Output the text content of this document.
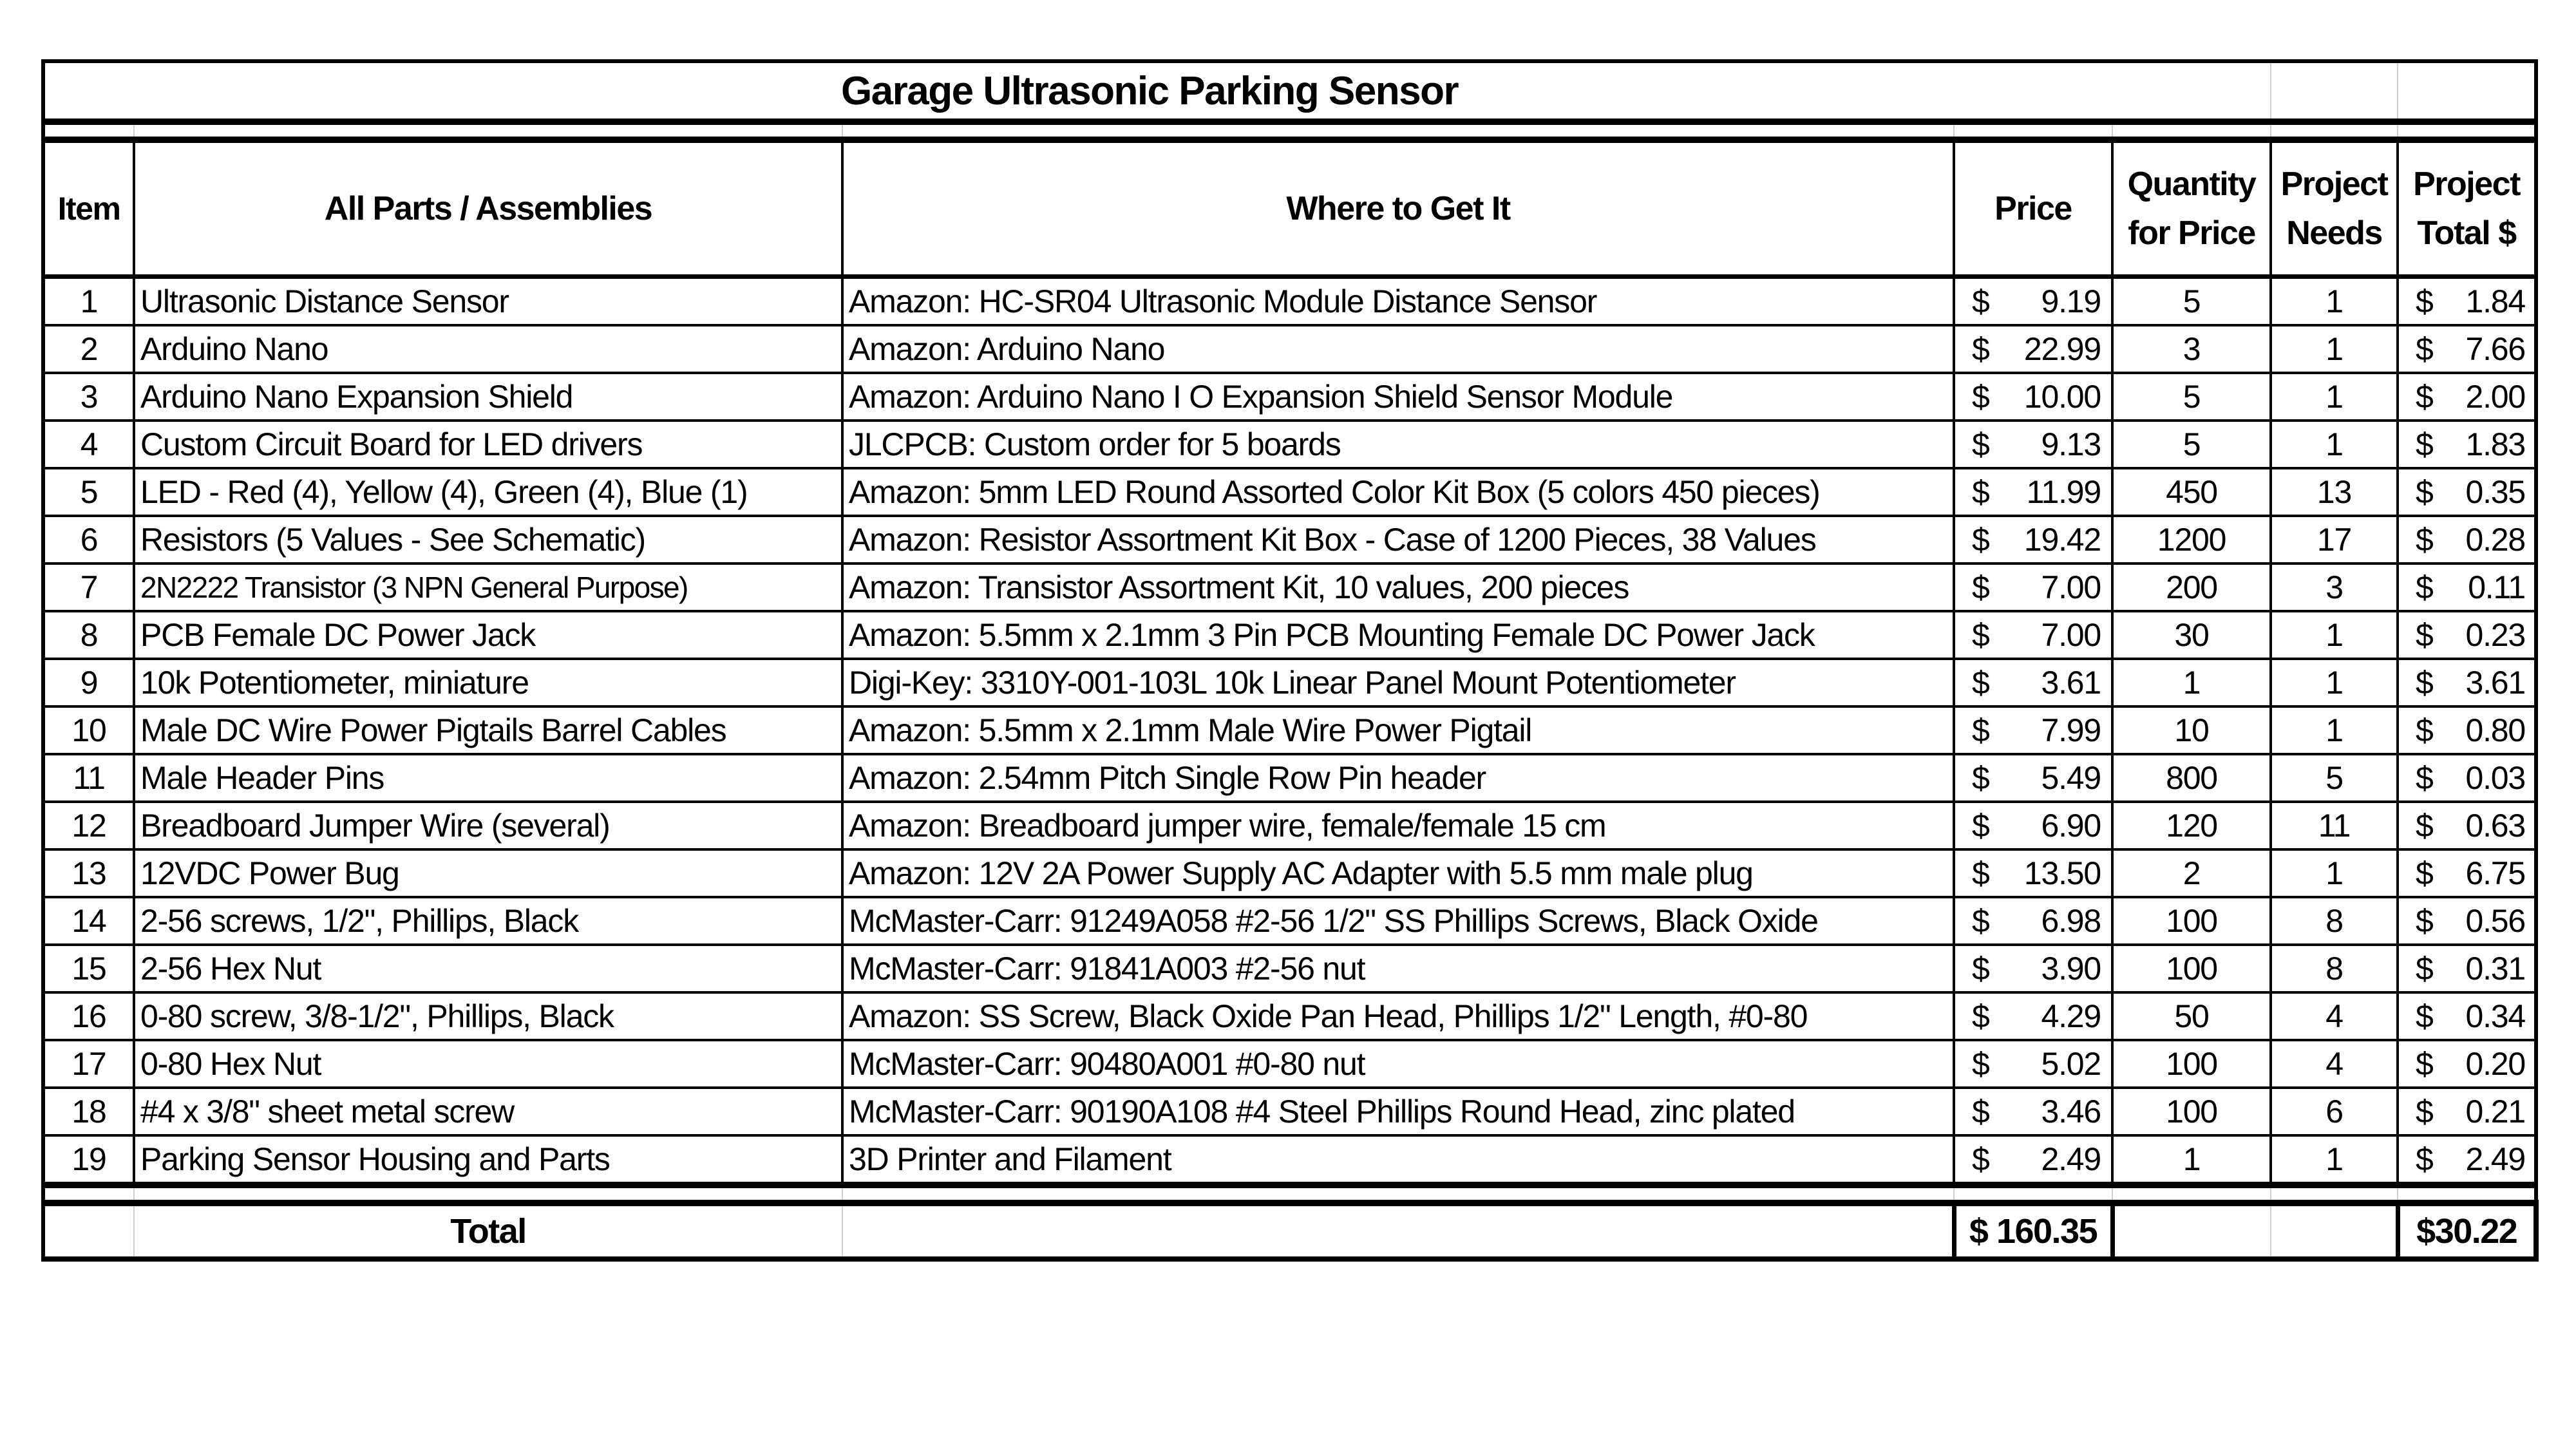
Garage Ultrasonic Parking Sensor						

Item	All Parts / Assemblies	Where to Get It	Price	Quantity for Price	Project Needs	Project Total $
1	Ultrasonic Distance Sensor	Amazon: HC-SR04 Ultrasonic Module Distance Sensor	$ 9.19	5	1	$ 1.84

2	Arduino Nano	Amazon: Arduino Nano	$ 22.99	3	1	$ 7.66

3	Arduino Nano Expansion Shield	Amazon: Arduino Nano I O Expansion Shield Sensor Module	$ 10.00	5	1	$ 2.00

4	Custom Circuit Board for LED drivers	JLCPCB: Custom order for 5 boards	$ 9.13	5	1	$ 1.83

5	LED - Red (4), Yellow (4), Green (4), Blue (1)	Amazon: 5mm LED Round Assorted Color Kit Box (5 colors 450 pieces)	$ 11.99	450	13	$ 0.35

6	Resistors (5 Values - See Schematic)	Amazon: Resistor Assortment Kit Box - Case of 1200 Pieces, 38 Values	$ 19.42	1200	17	$ 0.28

7	2N2222 Transistor (3 NPN General Purpose)	Amazon: Transistor Assortment Kit, 10 values, 200 pieces	$ 7.00	200	3	$ 0.11

8	PCB Female DC Power Jack	Amazon: 5.5mm x 2.1mm 3 Pin PCB Mounting Female DC Power Jack	$ 7.00	30	1	$ 0.23

9	10k Potentiometer, miniature	Digi-Key: 3310Y-001-103L 10k Linear Panel Mount Potentiometer	$ 3.61	1	1	$ 3.61

10	Male DC Wire Power Pigtails Barrel Cables	Amazon: 5.5mm x 2.1mm Male Wire Power Pigtail	$ 7.99	10	1	$ 0.80

11	Male Header Pins	Amazon: 2.54mm Pitch Single Row Pin header	$ 5.49	800	5	$ 0.03

12	Breadboard Jumper Wire (several)	Amazon: Breadboard jumper wire, female/female 15 cm	$ 6.90	120	11	$ 0.63

13	12VDC Power Bug	Amazon: 12V 2A Power Supply AC Adapter with 5.5 mm male plug	$ 13.50	2	1	$ 6.75

14	2-56 screws, 1/2", Phillips, Black	McMaster-Carr: 91249A058 #2-56 1/2" SS Phillips Screws, Black Oxide	$ 6.98	100	8	$ 0.56

15	2-56 Hex Nut	McMaster-Carr: 91841A003 #2-56 nut	$ 3.90	100	8	$ 0.31

16	0-80 screw, 3/8-1/2", Phillips, Black	Amazon: SS Screw, Black Oxide Pan Head, Phillips 1/2" Length, #0-80	$ 4.29	50	4	$ 0.34

17	0-80 Hex Nut	McMaster-Carr: 90480A001 #0-80 nut	$ 5.02	100	4	$ 0.20

18	#4 x 3/8" sheet metal screw	McMaster-Carr: 90190A108 #4 Steel Phillips Round Head, zinc plated	$ 3.46	100	6	$ 0.21

19	Parking Sensor Housing and Parts	3D Printer and Filament	$ 2.49	1	1	$ 2.49

	Total		$ 160.35			$30.22
